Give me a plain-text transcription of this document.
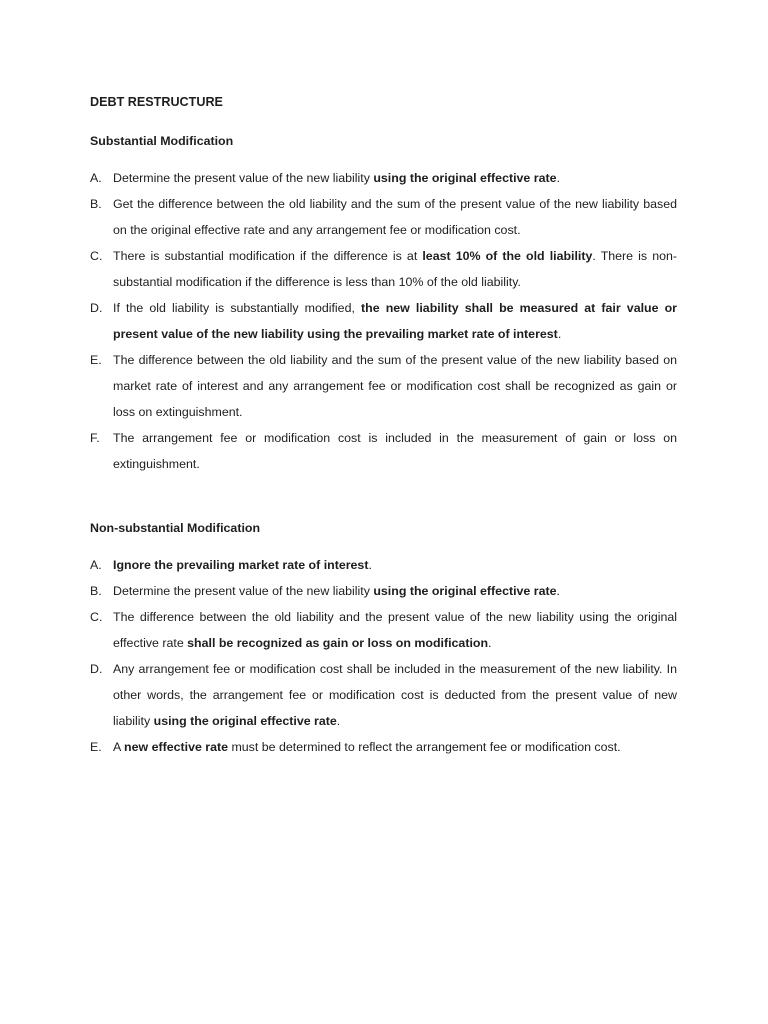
DEBT RESTRUCTURE
Substantial Modification
A. Determine the present value of the new liability using the original effective rate.
B. Get the difference between the old liability and the sum of the present value of the new liability based on the original effective rate and any arrangement fee or modification cost.
C. There is substantial modification if the difference is at least 10% of the old liability. There is non-substantial modification if the difference is less than 10% of the old liability.
D. If the old liability is substantially modified, the new liability shall be measured at fair value or present value of the new liability using the prevailing market rate of interest.
E. The difference between the old liability and the sum of the present value of the new liability based on market rate of interest and any arrangement fee or modification cost shall be recognized as gain or loss on extinguishment.
F. The arrangement fee or modification cost is included in the measurement of gain or loss on extinguishment.
Non-substantial Modification
A. Ignore the prevailing market rate of interest.
B. Determine the present value of the new liability using the original effective rate.
C. The difference between the old liability and the present value of the new liability using the original effective rate shall be recognized as gain or loss on modification.
D. Any arrangement fee or modification cost shall be included in the measurement of the new liability. In other words, the arrangement fee or modification cost is deducted from the present value of new liability using the original effective rate.
E. A new effective rate must be determined to reflect the arrangement fee or modification cost.
